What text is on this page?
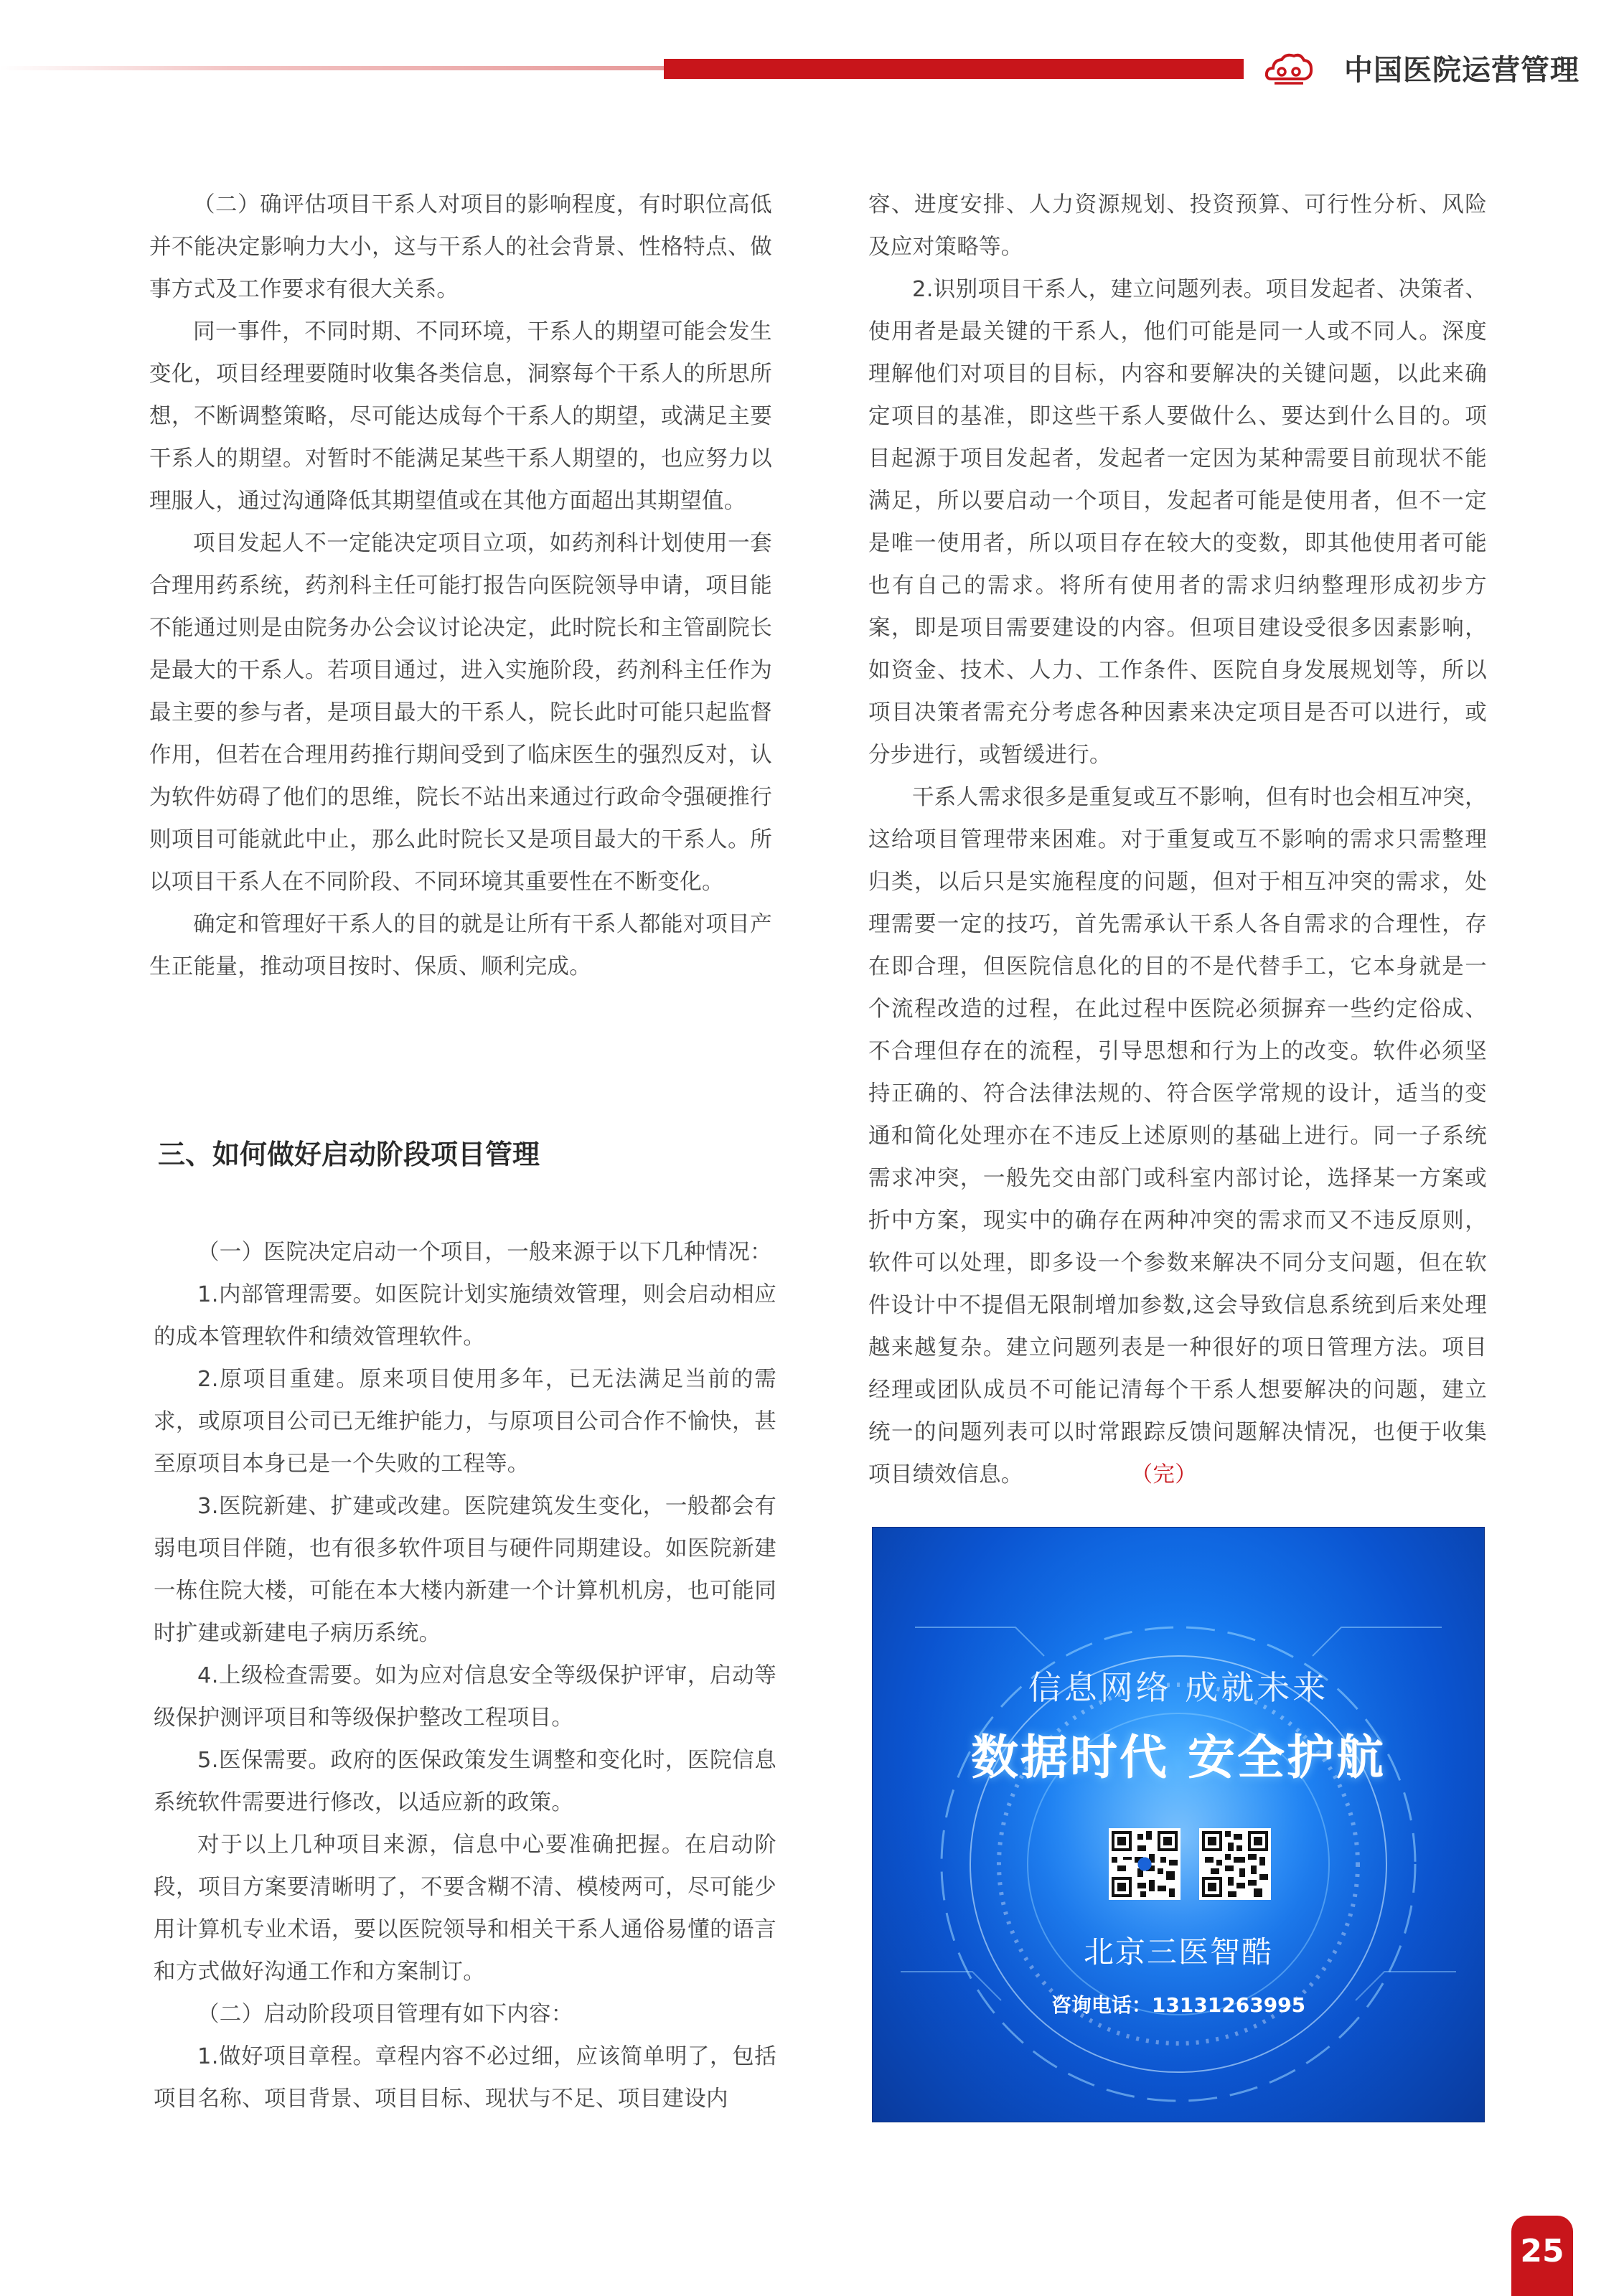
中国医院运营管理

（二）确评估项目干系人对项目的影响程度，有时职位高低并不能决定影响力大小，这与干系人的社会背景、性格特点、做事方式及工作要求有很大关系。

同一事件，不同时期、不同环境，干系人的期望可能会发生变化，项目经理要随时收集各类信息，洞察每个干系人的所思所想，不断调整策略，尽可能达成每个干系人的期望，或满足主要干系人的期望。对暂时不能满足某些干系人期望的，也应努力以理服人，通过沟通降低其期望值或在其他方面超出其期望值。

项目发起人不一定能决定项目立项，如药剂科计划使用一套合理用药系统，药剂科主任可能打报告向医院领导申请，项目能不能通过则是由院务办公会议讨论决定，此时院长和主管副院长是最大的干系人。若项目通过，进入实施阶段，药剂科主任作为最主要的参与者，是项目最大的干系人，院长此时可能只起监督作用，但若在合理用药推行期间受到了临床医生的强烈反对，认为软件妨碍了他们的思维，院长不站出来通过行政命令强硬推行则项目可能就此中止，那么此时院长又是项目最大的干系人。所以项目干系人在不同阶段、不同环境其重要性在不断变化。

确定和管理好干系人的目的就是让所有干系人都能对项目产生正能量，推动项目按时、保质、顺利完成。

三、如何做好启动阶段项目管理

（一）医院决定启动一个项目，一般来源于以下几种情况：

1.内部管理需要。如医院计划实施绩效管理，则会启动相应的成本管理软件和绩效管理软件。

2.原项目重建。原来项目使用多年，已无法满足当前的需求，或原项目公司已无维护能力，与原项目公司合作不愉快，甚至原项目本身已是一个失败的工程等。

3.医院新建、扩建或改建。医院建筑发生变化，一般都会有弱电项目伴随，也有很多软件项目与硬件同期建设。如医院新建一栋住院大楼，可能在本大楼内新建一个计算机机房，也可能同时扩建或新建电子病历系统。

4.上级检查需要。如为应对信息安全等级保护评审，启动等级保护测评项目和等级保护整改工程项目。

5.医保需要。政府的医保政策发生调整和变化时，医院信息系统软件需要进行修改，以适应新的政策。

对于以上几种项目来源，信息中心要准确把握。在启动阶段，项目方案要清晰明了，不要含糊不清、模棱两可，尽可能少用计算机专业术语，要以医院领导和相关干系人通俗易懂的语言和方式做好沟通工作和方案制订。

（二）启动阶段项目管理有如下内容：

1.做好项目章程。章程内容不必过细，应该简单明了，包括项目名称、项目背景、项目目标、现状与不足、项目建设内

容、进度安排、人力资源规划、投资预算、可行性分析、风险及应对策略等。

2.识别项目干系人，建立问题列表。项目发起者、决策者、使用者是最关键的干系人，他们可能是同一人或不同人。深度理解他们对项目的目标，内容和要解决的关键问题，以此来确定项目的基准，即这些干系人要做什么、要达到什么目的。项目起源于项目发起者，发起者一定因为某种需要目前现状不能满足，所以要启动一个项目，发起者可能是使用者，但不一定是唯一使用者，所以项目存在较大的变数，即其他使用者可能也有自己的需求。将所有使用者的需求归纳整理形成初步方案，即是项目需要建设的内容。但项目建设受很多因素影响，如资金、技术、人力、工作条件、医院自身发展规划等，所以项目决策者需充分考虑各种因素来决定项目是否可以进行，或分步进行，或暂缓进行。

干系人需求很多是重复或互不影响，但有时也会相互冲突，这给项目管理带来困难。对于重复或互不影响的需求只需整理归类，以后只是实施程度的问题，但对于相互冲突的需求，处理需要一定的技巧，首先需承认干系人各自需求的合理性，存在即合理，但医院信息化的目的不是代替手工，它本身就是一个流程改造的过程，在此过程中医院必须摒弃一些约定俗成、不合理但存在的流程，引导思想和行为上的改变。软件必须坚持正确的、符合法律法规的、符合医学常规的设计，适当的变通和简化处理亦在不违反上述原则的基础上进行。同一子系统需求冲突，一般先交由部门或科室内部讨论，选择某一方案或折中方案，现实中的确存在两种冲突的需求而又不违反原则，软件可以处理，即多设一个参数来解决不同分支问题，但在软件设计中不提倡无限制增加参数,这会导致信息系统到后来处理越来越复杂。建立问题列表是一种很好的项日管理方法。项目经理或团队成员不可能记清每个干系人想要解决的问题，建立统一的问题列表可以时常跟踪反馈问题解决情况，也便于收集项目绩效信息。	（完）

信息网络 成就未来
数据时代 安全护航
北京三医智酷
咨询电话：13131263995
25
